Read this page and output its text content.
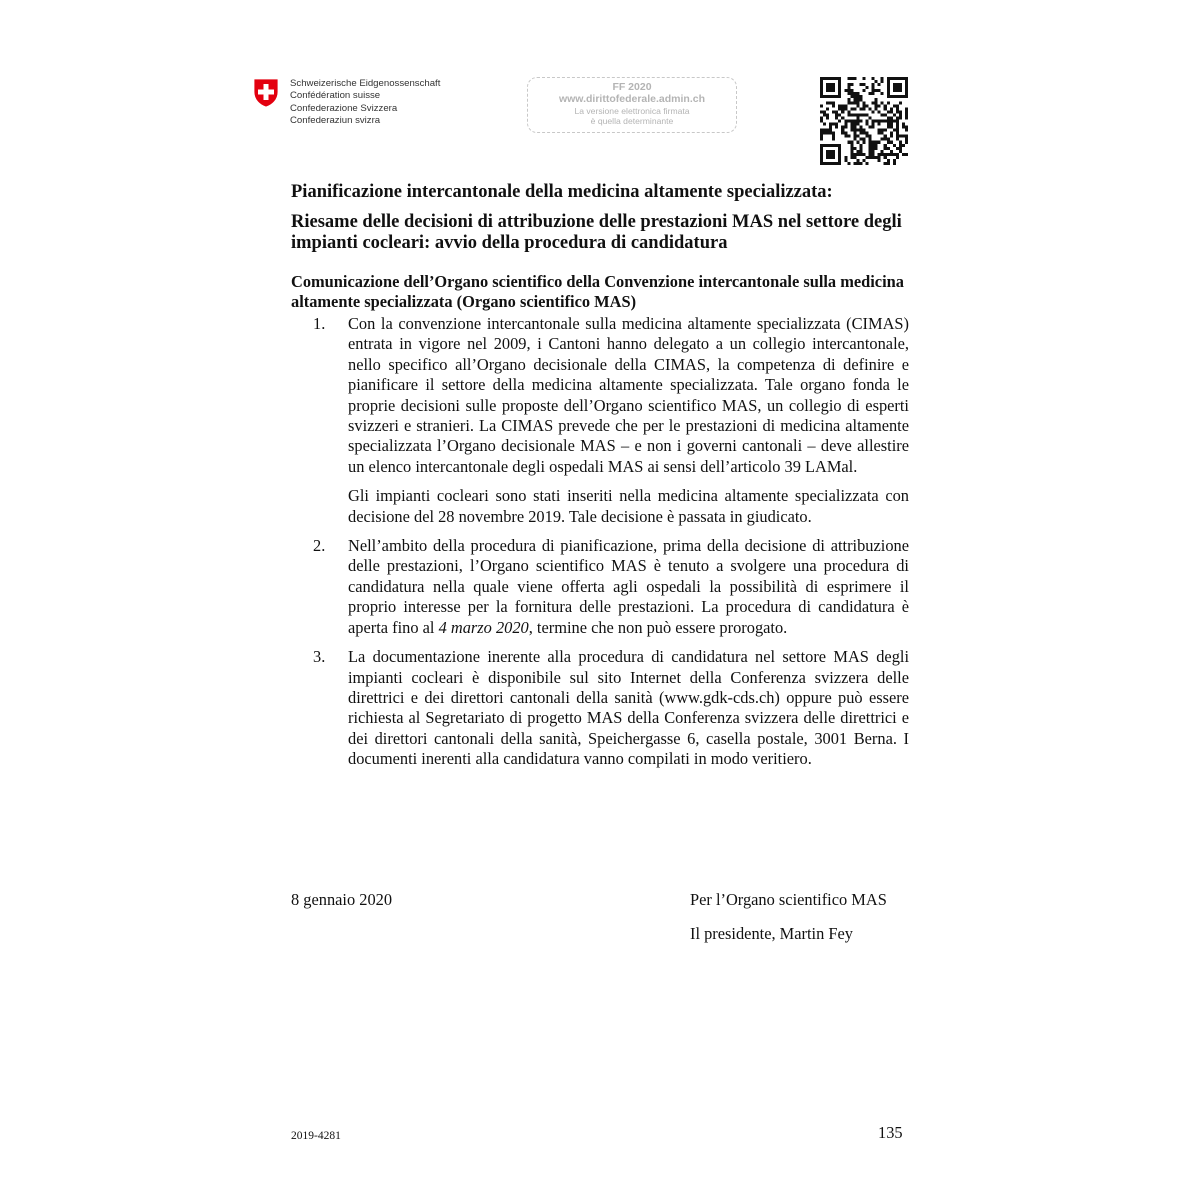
Schweizerische Eidgenossenschaft
Confédération suisse
Confederazione Svizzera
Confederaziun svizra
FF 2020
www.dirittofederale.admin.ch
La versione elettronica firmata
è quella determinante
Pianificazione intercantonale della medicina altamente specializzata:
Riesame delle decisioni di attribuzione delle prestazioni MAS nel settore degli impianti cocleari: avvio della procedura di candidatura
Comunicazione dell’Organo scientifico della Convenzione intercantonale sulla medicina altamente specializzata (Organo scientifico MAS)
1. Con la convenzione intercantonale sulla medicina altamente specializzata (CIMAS) entrata in vigore nel 2009, i Cantoni hanno delegato a un collegio intercantonale, nello specifico all’Organo decisionale della CIMAS, la competenza di definire e pianificare il settore della medicina altamente specializzata. Tale organo fonda le proprie decisioni sulle proposte dell’Organo scientifico MAS, un collegio di esperti svizzeri e stranieri. La CIMAS prevede che per le prestazioni di medicina altamente specializzata l’Organo decisionale MAS – e non i governi cantonali – deve allestire un elenco intercantonale degli ospedali MAS ai sensi dell’articolo 39 LAMal.

Gli impianti cocleari sono stati inseriti nella medicina altamente specializzata con decisione del 28 novembre 2019. Tale decisione è passata in giudicato.

2. Nell’ambito della procedura di pianificazione, prima della decisione di attribuzione delle prestazioni, l’Organo scientifico MAS è tenuto a svolgere una procedura di candidatura nella quale viene offerta agli ospedali la possibilità di esprimere il proprio interesse per la fornitura delle prestazioni. La procedura di candidatura è aperta fino al 4 marzo 2020, termine che non può essere prorogato.

3. La documentazione inerente alla procedura di candidatura nel settore MAS degli impianti cocleari è disponibile sul sito Internet della Conferenza svizzera delle direttrici e dei direttori cantonali della sanità (www.gdk-cds.ch) oppure può essere richiesta al Segretariato di progetto MAS della Conferenza svizzera delle direttrici e dei direttori cantonali della sanità, Speichergasse 6, casella postale, 3001 Berna. I documenti inerenti alla candidatura vanno compilati in modo veritiero.

8 gennaio 2020	Per l’Organo scientifico MAS
Il presidente, Martin Fey
2019-4281	135
